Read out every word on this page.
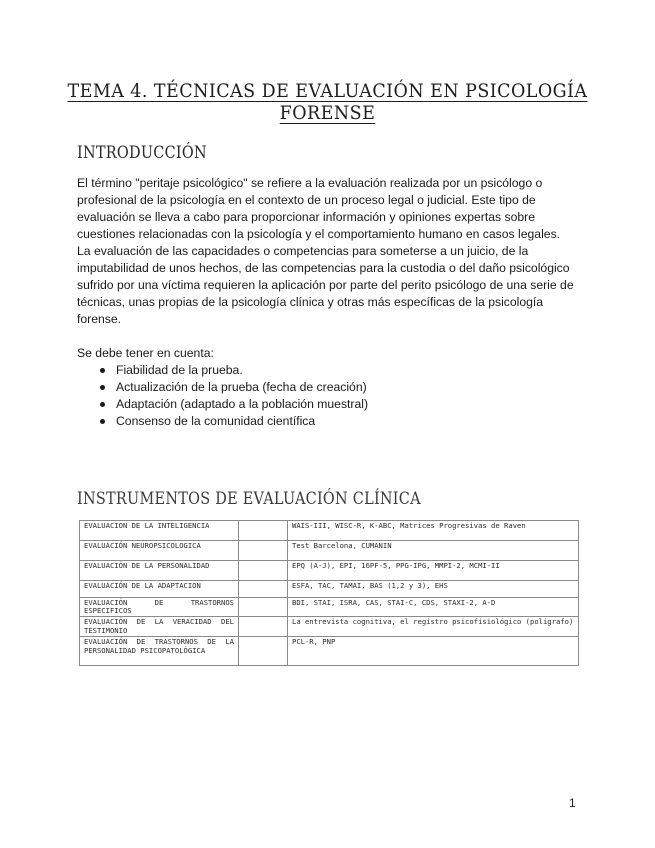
TEMA 4. TÉCNICAS DE EVALUACIÓN EN PSICOLOGÍA FORENSE
INTRODUCCIÓN

El término "peritaje psicológico" se refiere a la evaluación realizada por un psicólogo o profesional de la psicología en el contexto de un proceso legal o judicial. Este tipo de evaluación se lleva a cabo para proporcionar información y opiniones expertas sobre cuestiones relacionadas con la psicología y el comportamiento humano en casos legales.

La evaluación de las capacidades o competencias para someterse a un juicio, de la imputabilidad de unos hechos, de las competencias para la custodia o del daño psicológico sufrido por una víctima requieren la aplicación por parte del perito psicólogo de una serie de técnicas, unas propias de la psicología clínica y otras más específicas de la psicología forense.

Se debe tener en cuenta:

Fiabilidad de la prueba.
Actualización de la prueba (fecha de creación)
Adaptación (adaptado a la población muestral)
Consenso de la comunidad científica
INSTRUMENTOS DE EVALUACIÓN CLÍNICA
EVALUACION DE LA INTELIGENCIA		WAIS-III, WISC-R, K-ABC, Matrices Progresivas de Raven
EVALUACIÓN NEUROPSICOLOGICA		Test Barcelona, CUMANIN
EVALUACIÓN DE LA PERSONALIDAD		EPQ (A-J), EPI, 16PF-5, PPG-IPG, MMPI-2, MCMI-II
EVALUACIÓN DE LA ADAPTACION		ESFA, TAC, TAMAI, BAS (1,2 y 3), EHS
EVALUACIÓN DE TRASTORNOS ESPECIFICOS		BDI, STAI, ISRA, CAS, STAI-C, CDS, STAXI-2, A-D
EVALUACIÓN DE LA VERACIDAD DEL TESTIMONIO		La entrevista cognitiva, el registro psicofisiológico (polígrafo)
EVALUACIÓN DE TRASTORNOS DE LA PERSONALIDAD PSICOPATOLÓGICA		PCL-R, PNP
1
